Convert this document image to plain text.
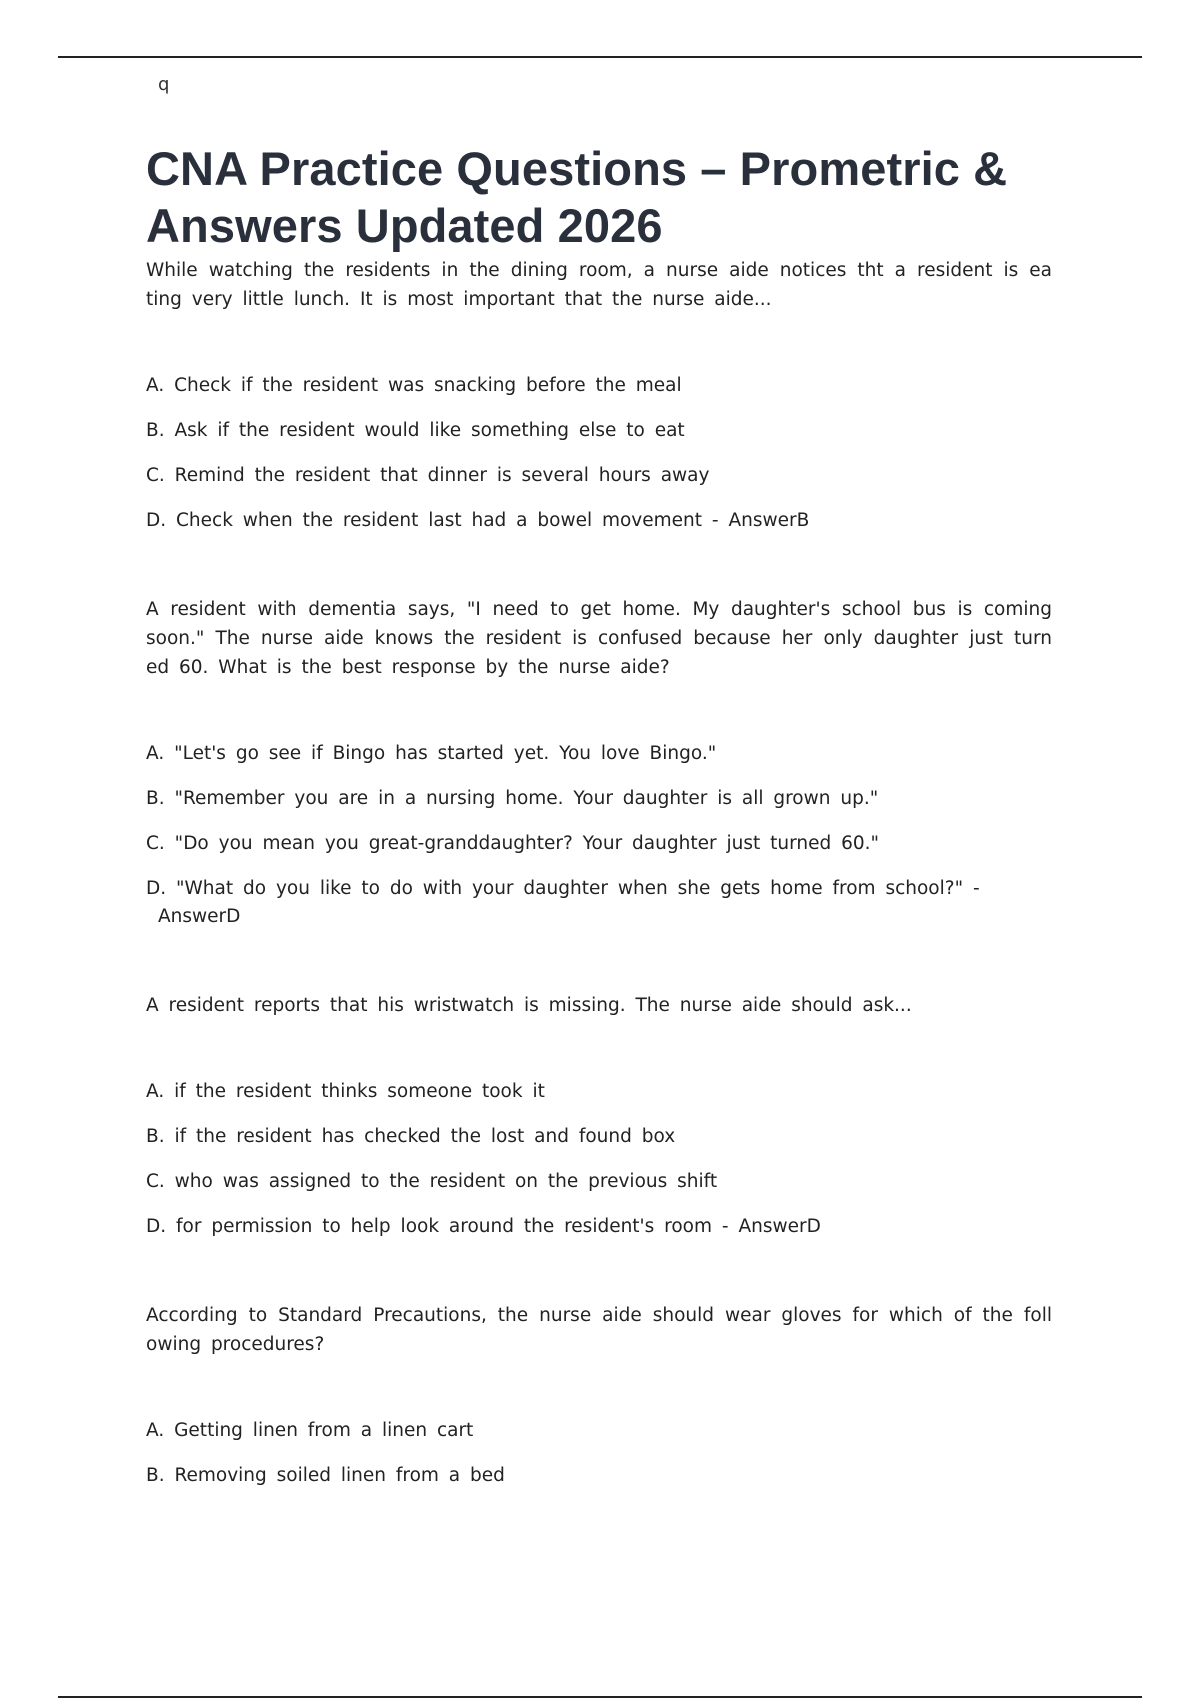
q
CNA Practice Questions – Prometric & Answers Updated 2026

While watching the residents in the dining room, a nurse aide notices tht a resident is ea ting very little lunch. It is most important that the nurse aide...

A. Check if the resident was snacking before the meal
B. Ask if the resident would like something else to eat
C. Remind the resident that dinner is several hours away
D. Check when the resident last had a bowel movement - AnswerB

A resident with dementia says, "I need to get home. My daughter's school bus is coming soon." The nurse aide knows the resident is confused because her only daughter just turn ed 60. What is the best response by the nurse aide?

A. "Let's go see if Bingo has started yet. You love Bingo."
B. "Remember you are in a nursing home. Your daughter is all grown up."
C. "Do you mean you great-granddaughter? Your daughter just turned 60."
D. "What do you like to do with your daughter when she gets home from school?" -
AnswerD

A resident reports that his wristwatch is missing. The nurse aide should ask...

A. if the resident thinks someone took it
B. if the resident has checked the lost and found box
C. who was assigned to the resident on the previous shift
D. for permission to help look around the resident's room - AnswerD

According to Standard Precautions, the nurse aide should wear gloves for which of the foll owing procedures?

A. Getting linen from a linen cart
B. Removing soiled linen from a bed
